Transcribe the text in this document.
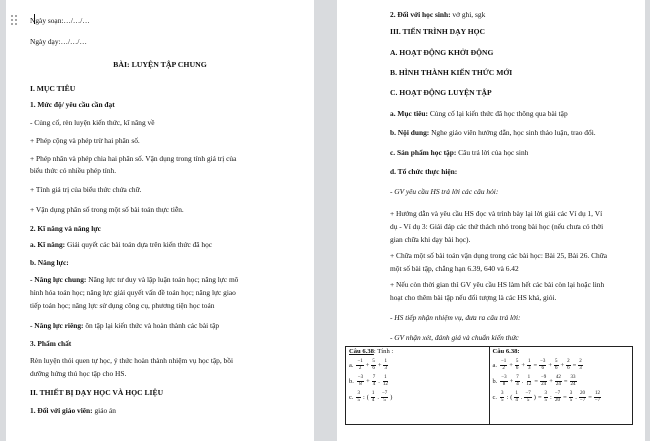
Ngày soạn:…/…/…
Ngày dạy:…/…/…
BÀI: LUYỆN TẬP CHUNG
I. MỤC TIÊU
1. Mức độ/ yêu cầu cần đạt
- Củng cố, rèn luyện kiến thức, kĩ năng về
+ Phép cộng và phép trừ hai phân số.
+ Phép nhân và phép chia hai phân số. Vận dụng trong tính giá trị của
biểu thức có nhiều phép tính.
+ Tính giá trị của biểu thức chứa chữ.
+ Vận dụng phân số trong một số bài toán thực tiễn.
2. Kĩ năng và năng lực
a. Kĩ năng: Giải quyết các bài toán dựa trên kiến thức đã học
b. Năng lực:
- Năng lực chung: Năng lực tư duy và lập luận toán học; năng lực mô
hình hóa toán học; năng lực giải quyết vấn đề toán học; năng lực giao
tiếp toán học; năng lực sử dụng công cụ, phương tiện học toán
- Năng lực riêng: ôn tập lại kiến thức và hoàn thành các bài tập
3. Phẩm chất
Rèn luyện thói quen tự học, ý thức hoàn thành nhiệm vụ học tập, bồi
dưỡng hứng thú học tập cho HS.
II. THIẾT BỊ DẠY HỌC VÀ HỌC LIỆU
1. Đối với giáo viên: giáo án
2. Đối với học sinh: vở ghi, sgk
III. TIẾN TRÌNH DẠY HỌC
A. HOẠT ĐỘNG KHỞI ĐỘNG
B. HÌNH THÀNH KIẾN THỨC MỚI
C. HOẠT ĐỘNG LUYỆN TẬP
a. Mục tiêu: Củng cố lại kiến thức đã học thông qua bài tập
b. Nội dung: Nghe giáo viên hướng dẫn, học sinh thảo luận, trao đổi.
c. Sản phẩm học tập: Câu trả lời của học sinh
d. Tổ chức thực hiện:
- GV yêu cầu HS trả lời các câu hỏi:
+ Hướng dẫn và yêu cầu HS đọc và trình bày lại lời giải các Ví dụ 1, Ví
dụ - Ví dụ 3: Giải đáp các thứ thách nhỏ trong bài học (nếu chưa có thời
gian chữa khi dạy bài học).
+ Chữa một số bài toán vận dụng trong các bài học: Bài 25, Bài 26. Chữa
một số bài tập, chẳng hạn 6.39, 640 và 6.42
+ Nếu còn thời gian thì GV yêu cầu HS làm hết các bài còn lại hoặc linh
hoạt cho thêm bài tập nếu đối tượng là các HS khá, giỏi.
- HS tiếp nhận nhiệm vụ, đưa ra câu trả lời:
- GV nhận xét, đánh giá và chuẩn kiến thức
Câu 6.38: Tính :
a. $\frac{-1}{2} + \frac{5}{6} + \frac{1}{3}$
b. $\frac{-3}{8} + \frac{7}{4}$ . $\frac{1}{12}$
c. $\frac{3}{5}$ : ( $\frac{1}{4}$ . $\frac{-7}{5}$ )

Câu 6.38:
a. $\frac{-1}{2} + \frac{5}{6} + \frac{1}{3} = \frac{-3}{6} + \frac{5}{6} + \frac{2}{6} = \frac{2}{3}$
b. $\frac{-3}{8} + \frac{7}{4}$ . $\frac{1}{12} = \frac{-9}{24} + \frac{42}{24} = \frac{33}{24}$
c. $\frac{3}{5}$ : ( $\frac{1}{4}$ . $\frac{-7}{5}$ ) = $\frac{3}{5}$ : $\frac{-7}{20} = \frac{3}{5}$ . $\frac{20}{-7} = \frac{12}{-7}$
